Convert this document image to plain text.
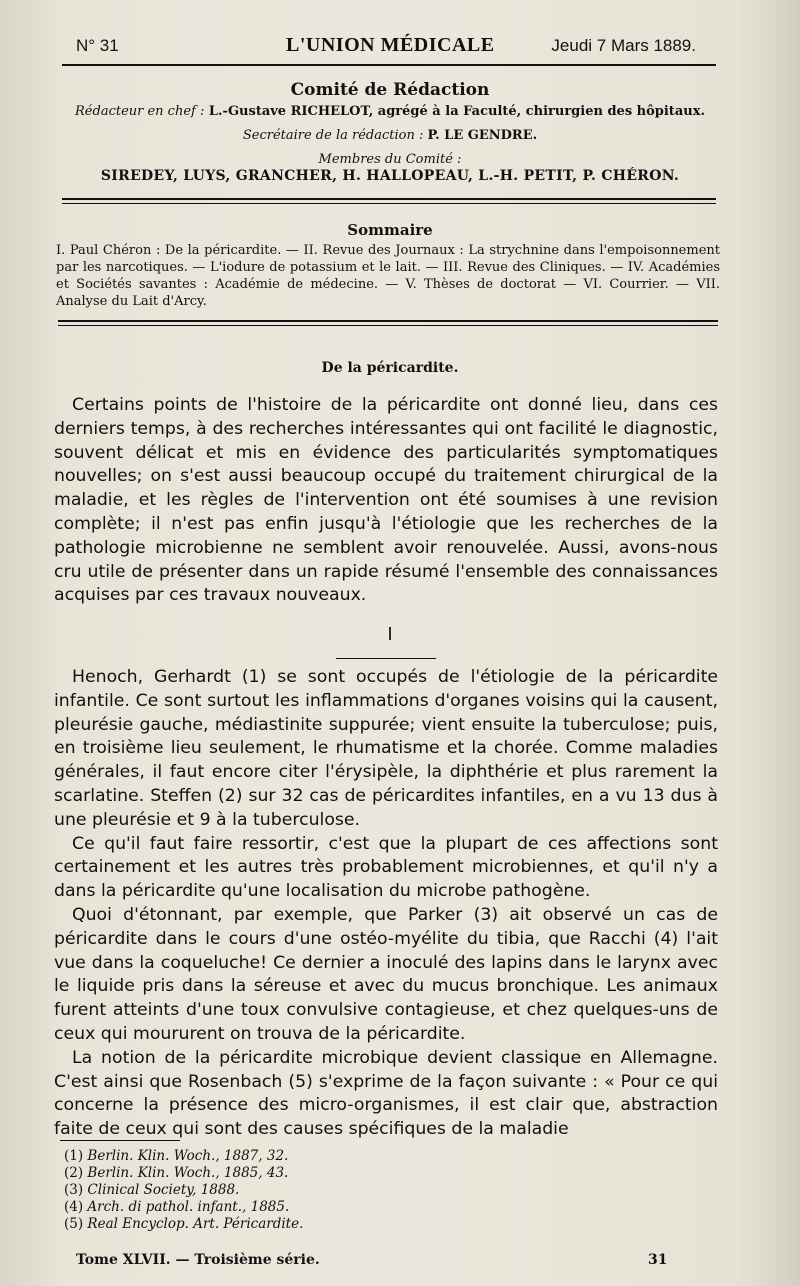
N° 31	L'UNION MÉDICALE	Jeudi 7 Mars 1889.
Comité de Rédaction
Rédacteur en chef : L.-Gustave RICHELOT, agrégé à la Faculté, chirurgien des hôpitaux.
Secrétaire de la rédaction : P. LE GENDRE.
Membres du Comité :
SIREDEY, LUYS, GRANCHER, H. HALLOPEAU, L.-H. PETIT, P. CHÉRON.
Sommaire
I. Paul Chéron : De la péricardite. — II. Revue des Journaux : La strychnine dans l'empoisonnement par les narcotiques. — L'iodure de potassium et le lait. — III. Revue des Cliniques. — IV. Académies et Sociétés savantes : Académie de médecine. — V. Thèses de doctorat — VI. Courrier. — VII. Analyse du Lait d'Arcy.
De la péricardite.

Certains points de l'histoire de la péricardite ont donné lieu, dans ces derniers temps, à des recherches intéressantes qui ont facilité le diagnostic, souvent délicat et mis en évidence des particularités symptomatiques nouvelles; on s'est aussi beaucoup occupé du traitement chirurgical de la maladie, et les règles de l'intervention ont été soumises à une revision complète; il n'est pas enfin jusqu'à l'étiologie que les recherches de la pathologie microbienne ne semblent avoir renouvelée. Aussi, avons-nous cru utile de présenter dans un rapide résumé l'ensemble des connaissances acquises par ces travaux nouveaux.

I

Henoch, Gerhardt (1) se sont occupés de l'étiologie de la péricardite infantile. Ce sont surtout les inflammations d'organes voisins qui la causent, pleurésie gauche, médiastinite suppurée; vient ensuite la tuberculose; puis, en troisième lieu seulement, le rhumatisme et la chorée. Comme maladies générales, il faut encore citer l'érysipèle, la diphthérie et plus rarement la scarlatine. Steffen (2) sur 32 cas de péricardites infantiles, en a vu 13 dus à une pleurésie et 9 à la tuberculose.

Ce qu'il faut faire ressortir, c'est que la plupart de ces affections sont certainement et les autres très probablement microbiennes, et qu'il n'y a dans la péricardite qu'une localisation du microbe pathogène.

Quoi d'étonnant, par exemple, que Parker (3) ait observé un cas de péricardite dans le cours d'une ostéo-myélite du tibia, que Racchi (4) l'ait vue dans la coqueluche! Ce dernier a inoculé des lapins dans le larynx avec le liquide pris dans la séreuse et avec du mucus bronchique. Les animaux furent atteints d'une toux convulsive contagieuse, et chez quelques-uns de ceux qui moururent on trouva de la péricardite.

La notion de la péricardite microbique devient classique en Allemagne. C'est ainsi que Rosenbach (5) s'exprime de la façon suivante : « Pour ce qui concerne la présence des micro-organismes, il est clair que, abstraction faite de ceux qui sont des causes spécifiques de la maladie

(1) Berlin. Klin. Woch., 1887, 32.
(2) Berlin. Klin. Woch., 1885, 43.
(3) Clinical Society, 1888.
(4) Arch. di pathol. infant., 1885.
(5) Real Encyclop. Art. Péricardite.
Tome XLVII. — Troisième série.	31
